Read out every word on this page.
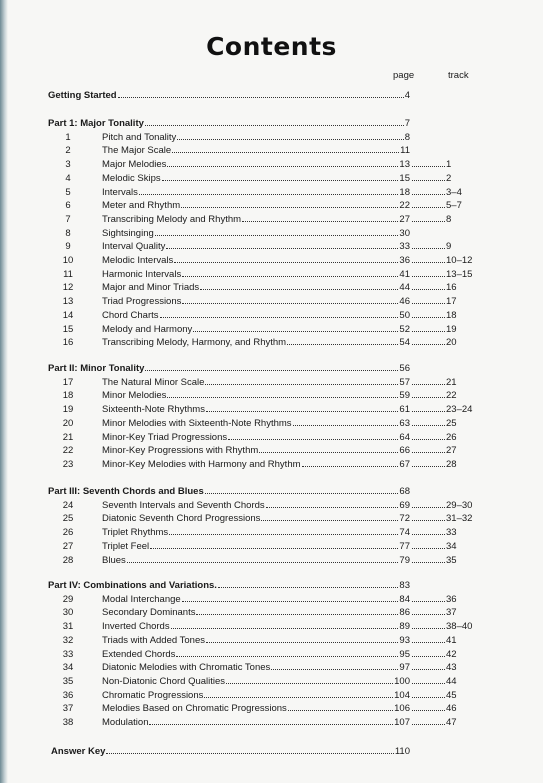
Contents
page	track
Getting Started	4
Part 1: Major Tonality	7
1	Pitch and Tonality	8
2	The Major Scale	11
3	Major Melodies	13	1
4	Melodic Skips	15	2
5	Intervals	18	3–4
6	Meter and Rhythm	22	5–7
7	Transcribing Melody and Rhythm	27	8
8	Sightsinging	30
9	Interval Quality	33	9
10	Melodic Intervals	36	10–12
11	Harmonic Intervals	41	13–15
12	Major and Minor Triads	44	16
13	Triad Progressions	46	17
14	Chord Charts	50	18
15	Melody and Harmony	52	19
16	Transcribing Melody, Harmony, and Rhythm	54	20
Part II: Minor Tonality	56
17	The Natural Minor Scale	57	21
18	Minor Melodies	59	22
19	Sixteenth-Note Rhythms	61	23–24
20	Minor Melodies with Sixteenth-Note Rhythms	63	25
21	Minor-Key Triad Progressions	64	26
22	Minor-Key Progressions with Rhythm	66	27
23	Minor-Key Melodies with Harmony and Rhythm	67	28
Part III: Seventh Chords and Blues	68
24	Seventh Intervals and Seventh Chords	69	29–30
25	Diatonic Seventh Chord Progressions	72	31–32
26	Triplet Rhythms	74	33
27	Triplet Feel	77	34
28	Blues	79	35
Part IV: Combinations and Variations.	83
29	Modal Interchange	84	36
30	Secondary Dominants	86	37
31	Inverted Chords	89	38–40
32	Triads with Added Tones	93	41
33	Extended Chords	95	42
34	Diatonic Melodies with Chromatic Tones	97	43
35	Non-Diatonic Chord Qualities	100	44
36	Chromatic Progressions	104	45
37	Melodies Based on Chromatic Progressions	106	46
38	Modulation	107	47
Answer Key	110
